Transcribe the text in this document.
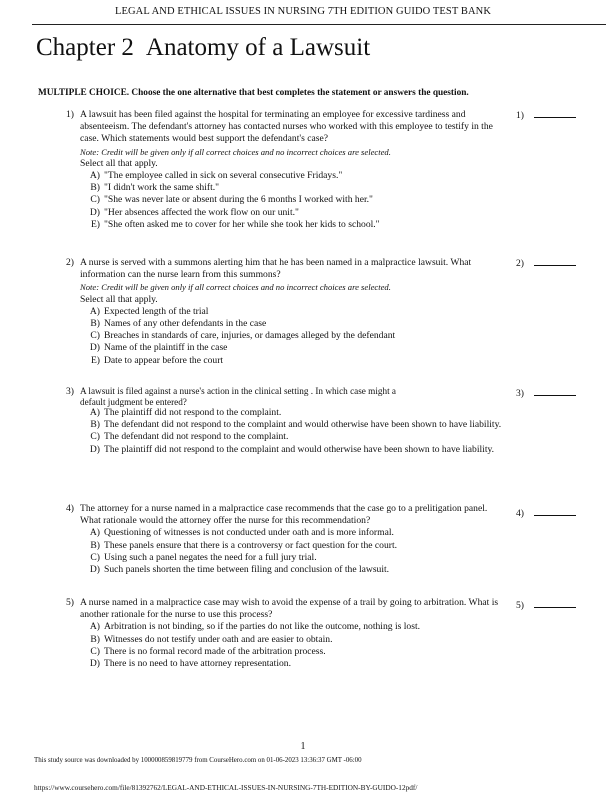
LEGAL AND ETHICAL ISSUES IN NURSING 7TH EDITION GUIDO TEST BANK
Chapter 2 Anatomy of a Lawsuit
MULTIPLE CHOICE. Choose the one alternative that best completes the statement or answers the question.
1) A lawsuit has been filed against the hospital for terminating an employee for excessive tardiness and absenteeism. The defendant's attorney has contacted nurses who worked with this employee to testify in the case. Which statements would best support the defendant's case?
Note: Credit will be given only if all correct choices and no incorrect choices are selected.
Select all that apply.
A) "The employee called in sick on several consecutive Fridays."
B) "I didn't work the same shift."
C) "She was never late or absent during the 6 months I worked with her."
D) "Her absences affected the work flow on our unit."
E) "She often asked me to cover for her while she took her kids to school."
1)
2) A nurse is served with a summons alerting him that he has been named in a malpractice lawsuit. What information can the nurse learn from this summons?
Note: Credit will be given only if all correct choices and no incorrect choices are selected.
Select all that apply.
A) Expected length of the trial
B) Names of any other defendants in the case
C) Breaches in standards of care, injuries, or damages alleged by the defendant
D) Name of the plaintiff in the case
E) Date to appear before the court
2)
3) A lawsuit is filed against a nurse's action in the clinical setting . In which case might a default judgment be entered?
A) The plaintiff did not respond to the complaint.
B) The defendant did not respond to the complaint and would otherwise have been shown to have liability.
C) The defendant did not respond to the complaint.
D) The plaintiff did not respond to the complaint and would otherwise have been shown to have liability.
3)
4) The attorney for a nurse named in a malpractice case recommends that the case go to a prelitigation panel. What rationale would the attorney offer the nurse for this recommendation?
A) Questioning of witnesses is not conducted under oath and is more informal.
B) These panels ensure that there is a controversy or fact question for the court.
C) Using such a panel negates the need for a full jury trial.
D) Such panels shorten the time between filing and conclusion of the lawsuit.
4)
5) A nurse named in a malpractice case may wish to avoid the expense of a trail by going to arbitration. What is another rationale for the nurse to use this process?
A) Arbitration is not binding, so if the parties do not like the outcome, nothing is lost.
B) Witnesses do not testify under oath and are easier to obtain.
C) There is no formal record made of the arbitration process.
D) There is no need to have attorney representation.
5)
1
This study source was downloaded by 100000859819779 from CourseHero.com on 01-06-2023 13:36:37 GMT -06:00
https://www.coursehero.com/file/81392762/LEGAL-AND-ETHICAL-ISSUES-IN-NURSING-7TH-EDITION-BY-GUIDO-12pdf/
